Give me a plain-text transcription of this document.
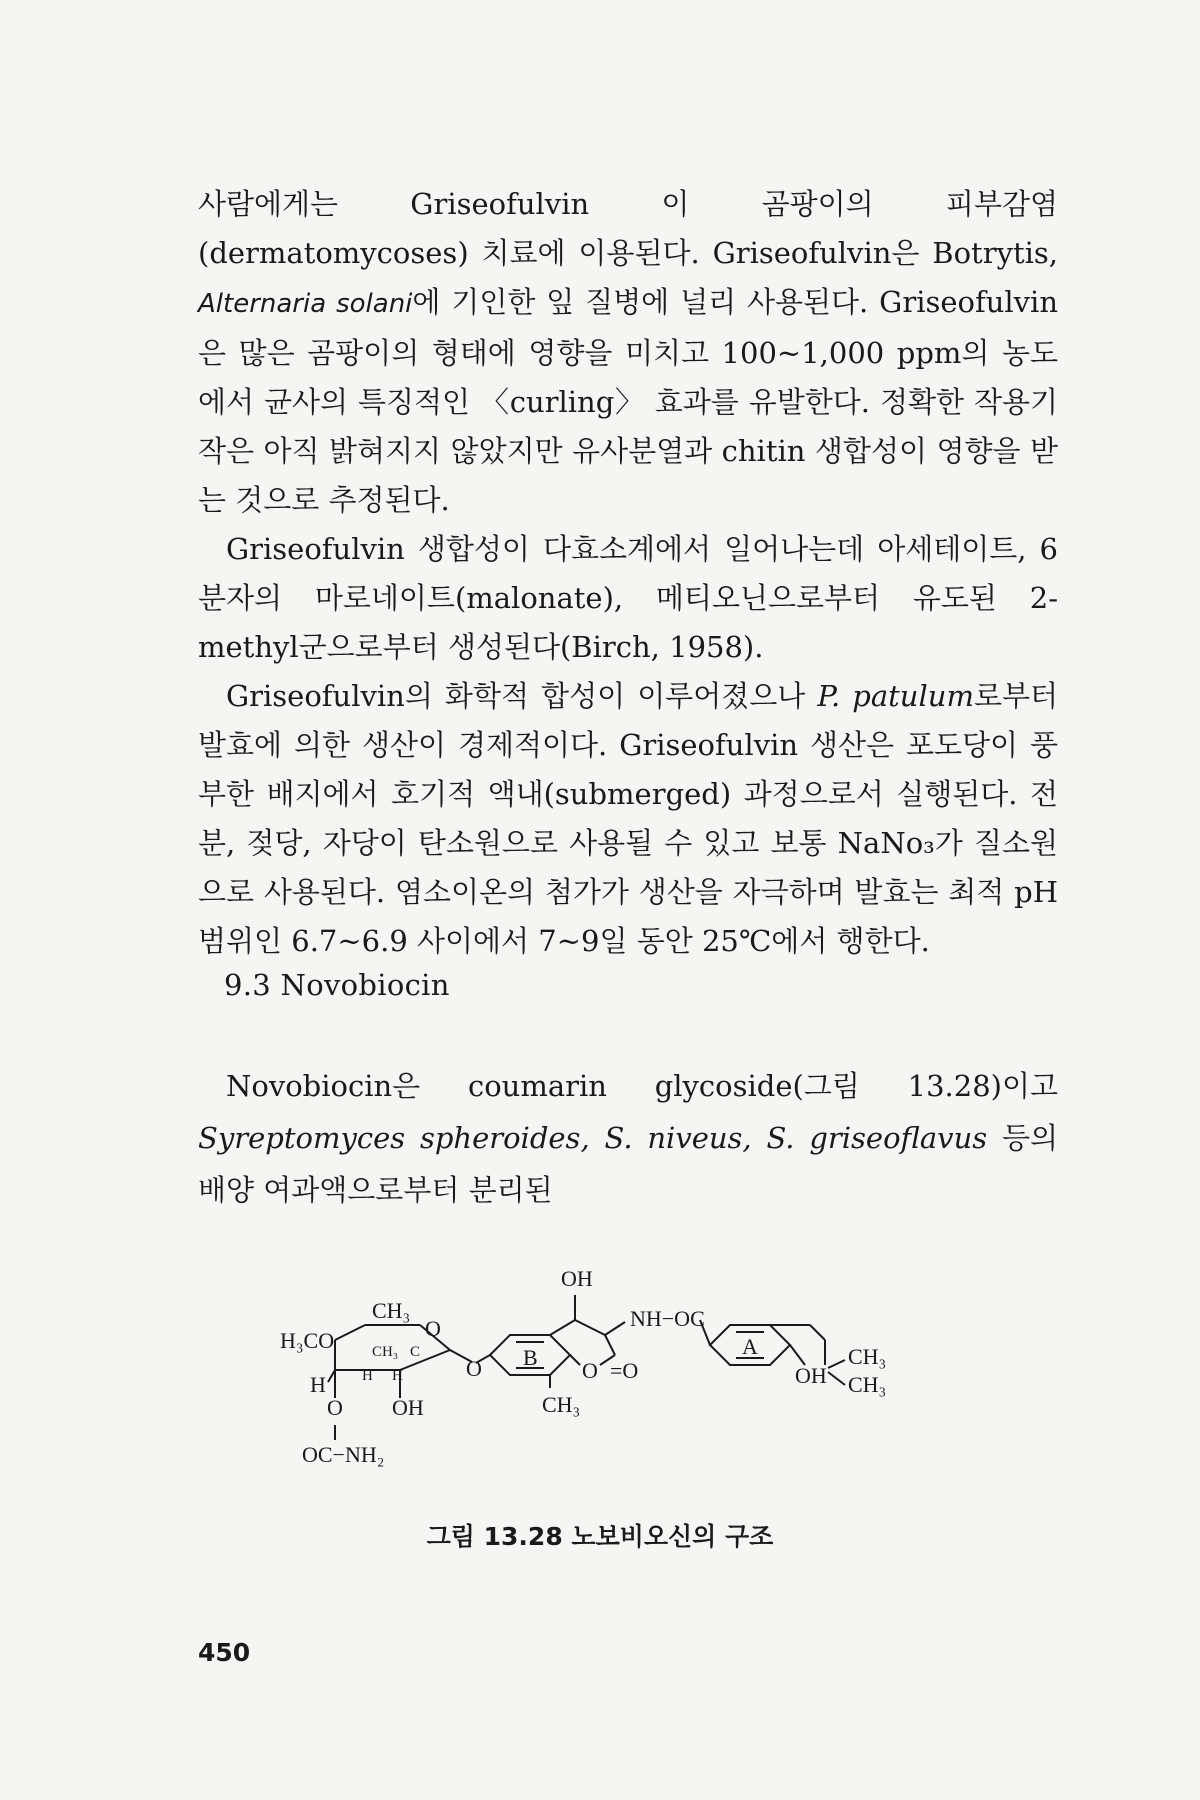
사람에게는 Griseofulvin 이 곰팡이의 피부감염(dermatomycoses) 치료에 이용된다. Griseofulvin은 Botrytis, Alternaria solani에 기인한 잎 질병에 널리 사용된다. Griseofulvin은 많은 곰팡이의 형태에 영향을 미치고 100~1,000 ppm의 농도에서 균사의 특징적인 〈curling〉 효과를 유발한다. 정확한 작용기작은 아직 밝혀지지 않았지만 유사분열과 chitin 생합성이 영향을 받는 것으로 추정된다.

Griseofulvin 생합성이 다효소계에서 일어나는데 아세테이트, 6분자의 마로네이트(malonate), 메티오닌으로부터 유도된 2-methyl군으로부터 생성된다(Birch, 1958).

Griseofulvin의 화학적 합성이 이루어졌으나 P. patulum로부터 발효에 의한 생산이 경제적이다. Griseofulvin 생산은 포도당이 풍부한 배지에서 호기적 액내(submerged) 과정으로서 실행된다. 전분, 젖당, 자당이 탄소원으로 사용될 수 있고 보통 NaNo₃가 질소원으로 사용된다. 염소이온의 첨가가 생산을 자극하며 발효는 최적 pH 범위인 6.7~6.9 사이에서 7~9일 동안 25℃에서 행한다.

9.3 Novobiocin

Novobiocin은 coumarin glycoside(그림 13.28)이고 Syreptomyces spheroides, S. niveus, S. griseoflavus 등의 배양 여과액으로부터 분리된

OH
NH−OC
CH₃
H₃CO	O
CH₃ C
H H
H
O B
O =O
CH₃
O OH
OC−NH₂
A	CH₃
CH₃
OH
그림 13.28 노보비오신의 구조
450
